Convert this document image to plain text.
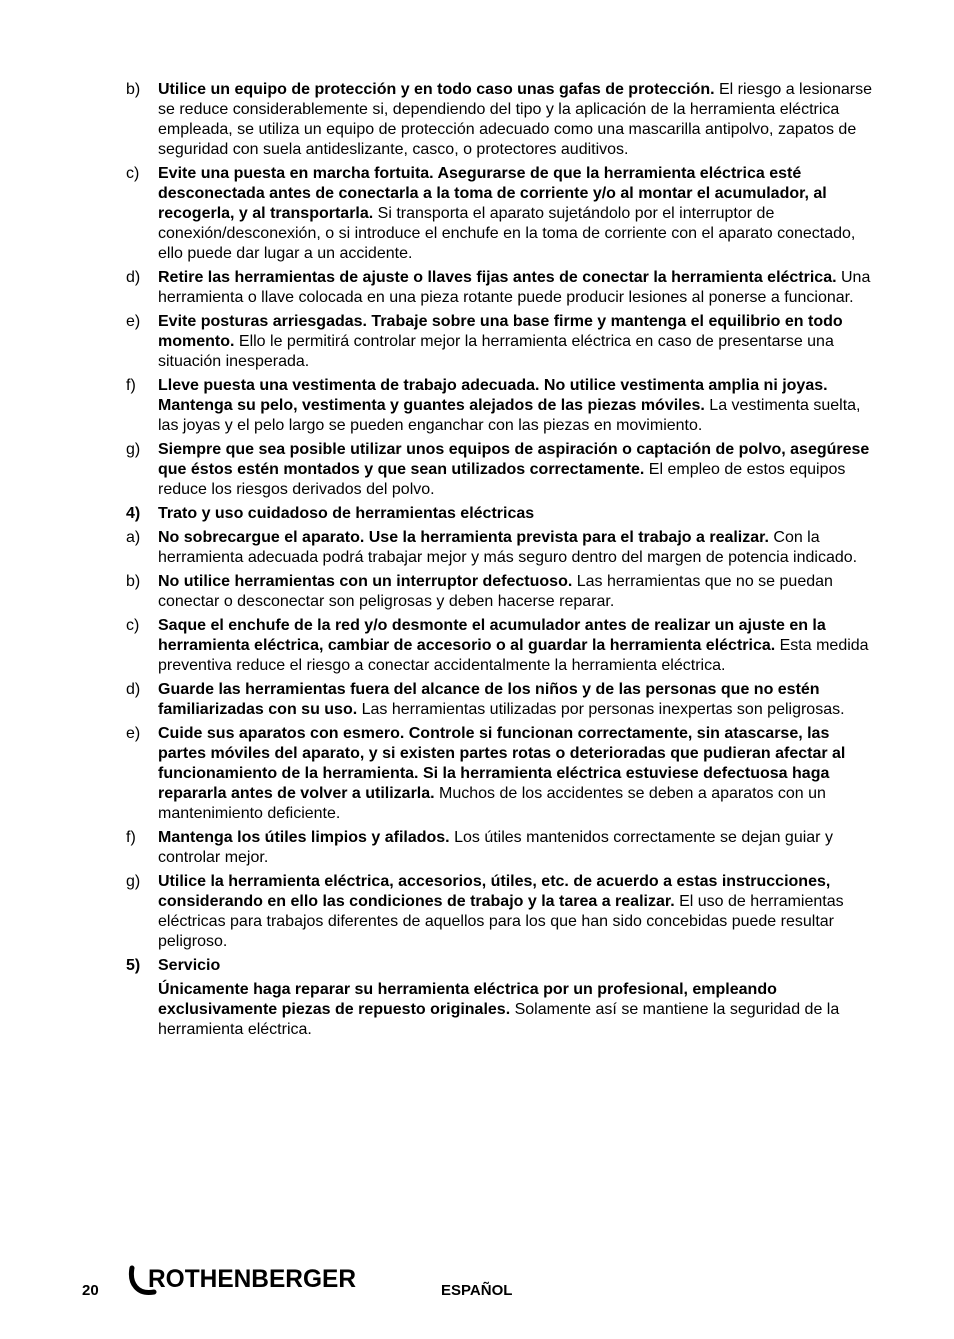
b)	Utilice un equipo de protección y en todo caso unas gafas de protección. El riesgo a lesionarse se reduce considerablemente si, dependiendo del tipo y la aplicación de la herramienta eléctrica empleada, se utiliza un equipo de protección adecuado como una mascarilla antipolvo, zapatos de seguridad con suela antideslizante, casco, o protectores auditivos.
c)	Evite una puesta en marcha fortuita. Asegurarse de que la herramienta eléctrica esté desconectada antes de conectarla a la toma de corriente y/o al montar el acumulador, al recogerla, y al transportarla. Si transporta el aparato sujetándolo por el interruptor de conexión/desconexión, o si introduce el enchufe en la toma de corriente con el aparato conectado, ello puede dar lugar a un accidente.
d)	Retire las herramientas de ajuste o llaves fijas antes de conectar la herramienta eléctrica. Una herramienta o llave colocada en una pieza rotante puede producir lesiones al ponerse a funcionar.
e)	Evite posturas arriesgadas. Trabaje sobre una base firme y mantenga el equilibrio en todo momento. Ello le permitirá controlar mejor la herramienta eléctrica en caso de presentarse una situación inesperada.
f)	Lleve puesta una vestimenta de trabajo adecuada. No utilice vestimenta amplia ni joyas. Mantenga su pelo, vestimenta y guantes alejados de las piezas móviles. La vestimenta suelta, las joyas y el pelo largo se pueden enganchar con las piezas en movimiento.
g)	Siempre que sea posible utilizar unos equipos de aspiración o captación de polvo, asegúrese que éstos estén montados y que sean utilizados correctamente. El empleo de estos equipos reduce los riesgos derivados del polvo.
4)	Trato y uso cuidadoso de herramientas eléctricas
a)	No sobrecargue el aparato. Use la herramienta prevista para el trabajo a realizar. Con la herramienta adecuada podrá trabajar mejor y más seguro dentro del margen de potencia indicado.
b)	No utilice herramientas con un interruptor defectuoso. Las herramientas que no se puedan conectar o desconectar son peligrosas y deben hacerse reparar.
c)	Saque el enchufe de la red y/o desmonte el acumulador antes de realizar un ajuste en la herramienta eléctrica, cambiar de accesorio o al guardar la herramienta eléctrica. Esta medida preventiva reduce el riesgo a conectar accidentalmente la herramienta eléctrica.
d)	Guarde las herramientas fuera del alcance de los niños y de las personas que no estén familiarizadas con su uso. Las herramientas utilizadas por personas inexpertas son peligrosas.
e)	Cuide sus aparatos con esmero. Controle si funcionan correctamente, sin atascarse, las partes móviles del aparato, y si existen partes rotas o deterioradas que pudieran afectar al funcionamiento de la herramienta. Si la herramienta eléctrica estuviese defectuosa haga repararla antes de volver a utilizarla. Muchos de los accidentes se deben a aparatos con un mantenimiento deficiente.
f)	Mantenga los útiles limpios y afilados. Los útiles mantenidos correctamente se dejan guiar y controlar mejor.
g)	Utilice la herramienta eléctrica, accesorios, útiles, etc. de acuerdo a estas instrucciones, considerando en ello las condiciones de trabajo y la tarea a realizar. El uso de herramientas eléctricas para trabajos diferentes de aquellos para los que han sido concebidas puede resultar peligroso.
5)	Servicio
Únicamente haga reparar su herramienta eléctrica por un profesional, empleando exclusivamente piezas de repuesto originales. Solamente así se mantiene la seguridad de la herramienta eléctrica.
20 ROTHENBERGER	ESPAÑOL
